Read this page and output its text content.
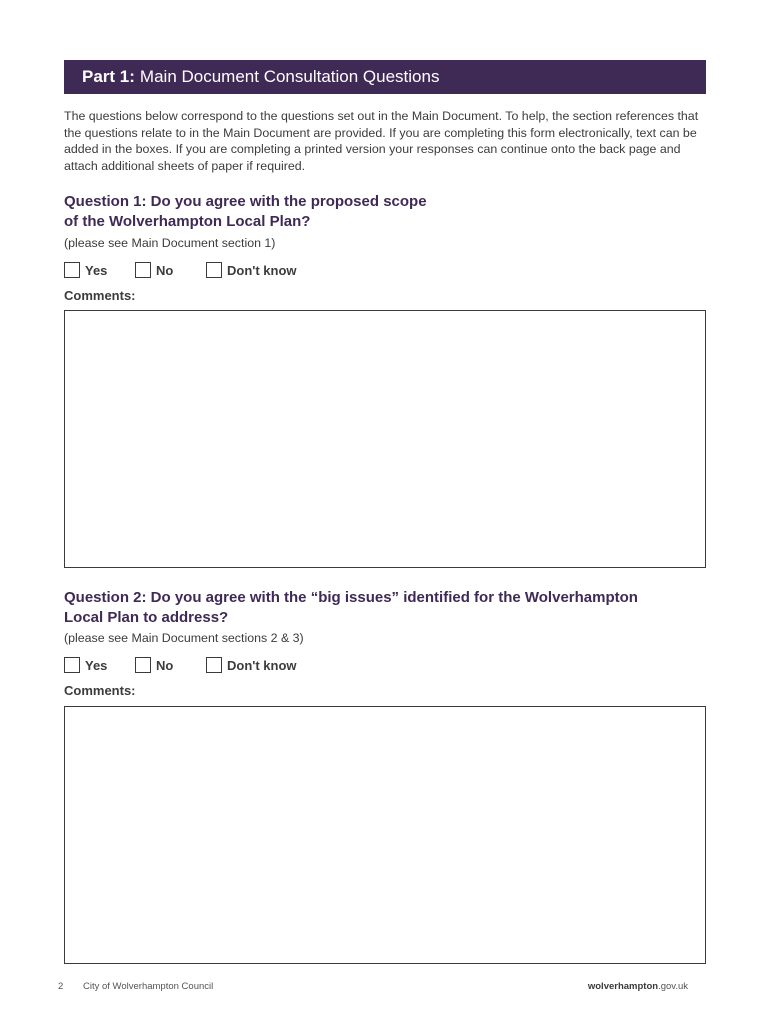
Part 1: Main Document Consultation Questions
The questions below correspond to the questions set out in the Main Document. To help, the section references that the questions relate to in the Main Document are provided. If you are completing this form electronically, text can be added in the boxes. If you are completing a printed version your responses can continue onto the back page and attach additional sheets of paper if required.
Question 1: Do you agree with the proposed scope
of the Wolverhampton Local Plan?
(please see Main Document section 1)
Yes	No	Don't know
Comments:
Question 2: Do you agree with the “big issues” identified for the Wolverhampton
Local Plan to address?
(please see Main Document sections 2 & 3)
Yes	No	Don't know
Comments:
2 City of Wolverhampton Council	wolverhampton.gov.uk
